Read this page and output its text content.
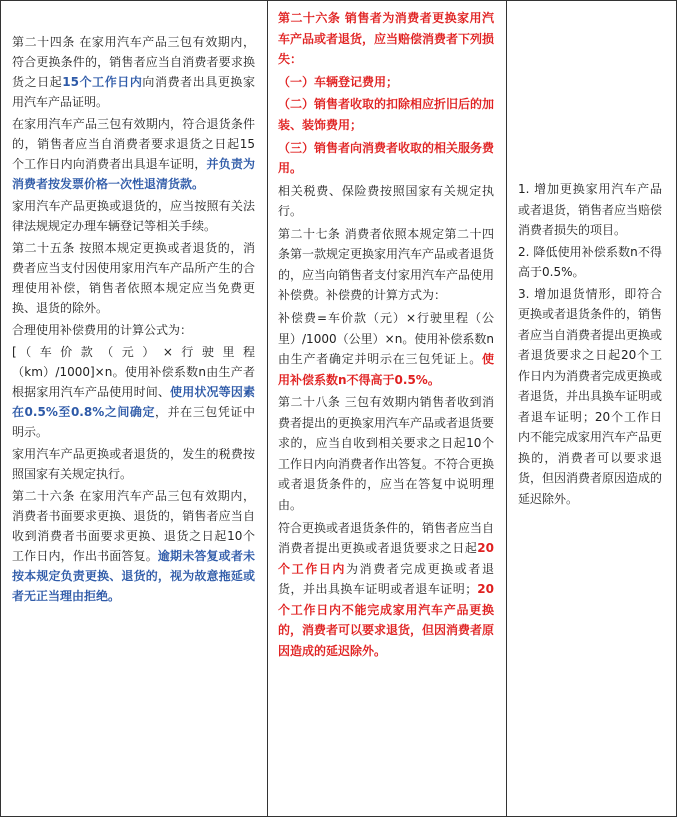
第二十四条 在家用汽车产品三包有效期内，符合更换条件的，销售者应当自消费者要求换货之日起15个工作日内向消费者出具更换家用汽车产品证明。

在家用汽车产品三包有效期内，符合退货条件的，销售者应当自消费者要求退货之日起15个工作日内向消费者出具退车证明，并负责为消费者按发票价格一次性退清货款。

家用汽车产品更换或退货的，应当按照有关法律法规规定办理车辆登记等相关手续。

第二十五条 按照本规定更换或者退货的，消费者应当支付因使用家用汽车产品所产生的合理使用补偿，销售者依照本规定应当免费更换、退货的除外。

合理使用补偿费用的计算公式为：

[（车价款（元）×行驶里程（km）/1000]×n。使用补偿系数n由生产者根据家用汽车产品使用时间、使用状况等因素在0.5%至0.8%之间确定，并在三包凭证中明示。

家用汽车产品更换或者退货的，发生的税费按照国家有关规定执行。

第二十六条 在家用汽车产品三包有效期内，消费者书面要求更换、退货的，销售者应当自收到消费者书面要求更换、退货之日起10个工作日内，作出书面答复。逾期未答复或者未按本规定负责更换、退货的，视为故意拖延或者无正当理由拒绝。

第二十六条 销售者为消费者更换家用汽车产品或者退货，应当赔偿消费者下列损失：

（一）车辆登记费用；

（二）销售者收取的扣除相应折旧后的加装、装饰费用；

（三）销售者向消费者收取的相关服务费用。

相关税费、保险费按照国家有关规定执行。

第二十七条 消费者依照本规定第二十四条第一款规定更换家用汽车产品或者退货的，应当向销售者支付家用汽车产品使用补偿费。补偿费的计算方式为：

补偿费=车价款（元）×行驶里程（公里）/1000（公里）×n。使用补偿系数n由生产者确定并明示在三包凭证上。使用补偿系数n不得高于0.5%。

第二十八条 三包有效期内销售者收到消费者提出的更换家用汽车产品或者退货要求的，应当自收到相关要求之日起10个工作日内向消费者作出答复。不符合更换或者退货条件的，应当在答复中说明理由。

符合更换或者退货条件的，销售者应当自消费者提出更换或者退货要求之日起20个工作日内为消费者完成更换或者退货，并出具换车证明或者退车证明；20个工作日内不能完成家用汽车产品更换的，消费者可以要求退货，但因消费者原因造成的延迟除外。

1. 增加更换家用汽车产品或者退货，销售者应当赔偿消费者损失的项目。

2. 降低使用补偿系数n不得高于0.5%。

3. 增加退货情形，即符合更换或者退货条件的，销售者应当自消费者提出更换或者退货要求之日起20个工作日内为消费者完成更换或者退货，并出具换车证明或者退车证明；20个工作日内不能完成家用汽车产品更换的，消费者可以要求退货，但因消费者原因造成的延迟除外。
